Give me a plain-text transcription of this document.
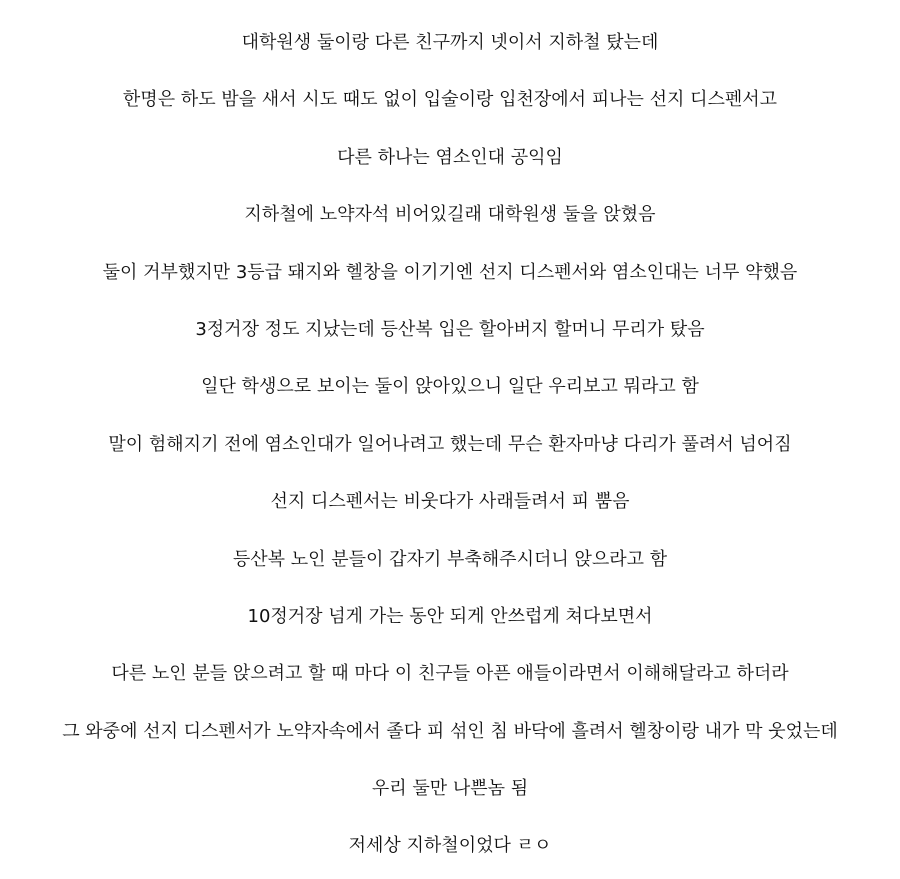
대학원생 둘이랑 다른 친구까지 넷이서 지하철 탔는데
한명은 하도 밤을 새서 시도 때도 없이 입술이랑 입천장에서 피나는 선지 디스펜서고
다른 하나는 염소인대 공익임
지하철에 노약자석 비어있길래 대학원생 둘을 앉혔음
둘이 거부했지만 3등급 돼지와 헬창을 이기기엔 선지 디스펜서와 염소인대는 너무 약했음
3정거장 정도 지났는데 등산복 입은 할아버지 할머니 무리가 탔음
일단 학생으로 보이는 둘이 앉아있으니 일단 우리보고 뭐라고 함
말이 험해지기 전에 염소인대가 일어나려고 했는데 무슨 환자마냥 다리가 풀려서 넘어짐
선지 디스펜서는 비웃다가 사래들려서 피 뿜음
등산복 노인 분들이 갑자기 부축해주시더니 앉으라고 함
10정거장 넘게 가는 동안 되게 안쓰럽게 쳐다보면서
다른 노인 분들 앉으려고 할 때 마다 이 친구들 아픈 애들이라면서 이해해달라고 하더라
그 와중에 선지 디스펜서가 노약자속에서 졸다 피 섞인 침 바닥에 흘려서 헬창이랑 내가 막 웃었는데
우리 둘만 나쁜놈 됨
저세상 지하철이었다 ㄹㅇ
